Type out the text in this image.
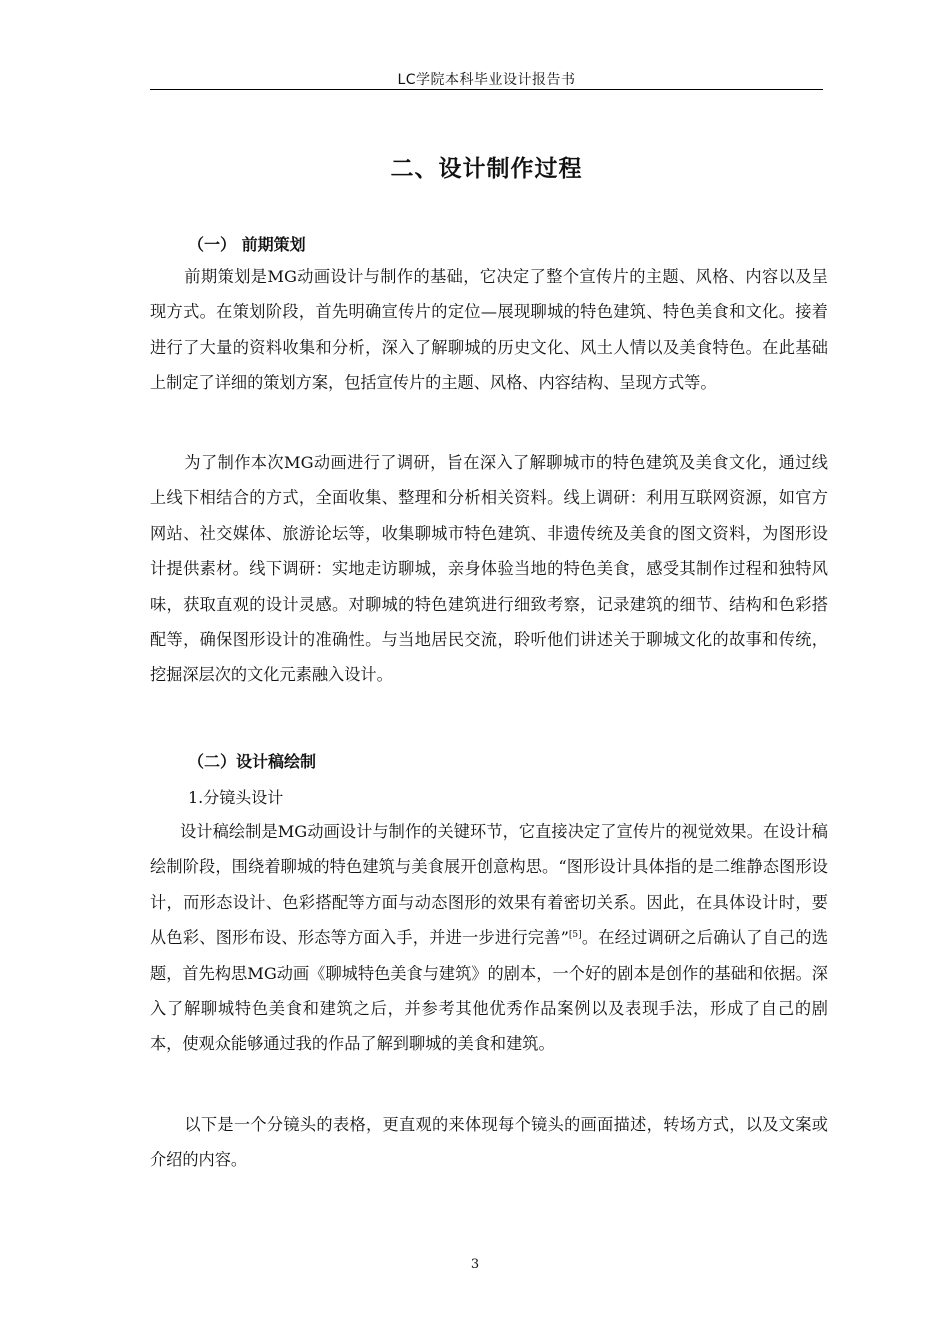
LC学院本科毕业设计报告书
二、设计制作过程
（一） 前期策划

前期策划是MG动画设计与制作的基础，它决定了整个宣传片的主题、风格、内容以及呈现方式。在策划阶段，首先明确宣传片的定位—展现聊城的特色建筑、特色美食和文化。接着进行了大量的资料收集和分析，深入了解聊城的历史文化、风土人情以及美食特色。在此基础上制定了详细的策划方案，包括宣传片的主题、风格、内容结构、呈现方式等。

为了制作本次MG动画进行了调研，旨在深入了解聊城市的特色建筑及美食文化，通过线上线下相结合的方式，全面收集、整理和分析相关资料。线上调研：利用互联网资源，如官方网站、社交媒体、旅游论坛等，收集聊城市特色建筑、非遗传统及美食的图文资料，为图形设计提供素材。线下调研：实地走访聊城，亲身体验当地的特色美食，感受其制作过程和独特风味，获取直观的设计灵感。对聊城的特色建筑进行细致考察，记录建筑的细节、结构和色彩搭配等，确保图形设计的准确性。与当地居民交流，聆听他们讲述关于聊城文化的故事和传统，挖掘深层次的文化元素融入设计。

（二）设计稿绘制
1.分镜头设计

设计稿绘制是MG动画设计与制作的关键环节，它直接决定了宣传片的视觉效果。在设计稿绘制阶段，围绕着聊城的特色建筑与美食展开创意构思。“图形设计具体指的是二维静态图形设计，而形态设计、色彩搭配等方面与动态图形的效果有着密切关系。因此，在具体设计时，要从色彩、图形布设、形态等方面入手，并进一步进行完善”[5]。在经过调研之后确认了自己的选题，首先构思MG动画《聊城特色美食与建筑》的剧本，一个好的剧本是创作的基础和依据。深入了解聊城特色美食和建筑之后，并参考其他优秀作品案例以及表现手法，形成了自己的剧本，使观众能够通过我的作品了解到聊城的美食和建筑。

以下是一个分镜头的表格，更直观的来体现每个镜头的画面描述，转场方式，以及文案或介绍的内容。

3
